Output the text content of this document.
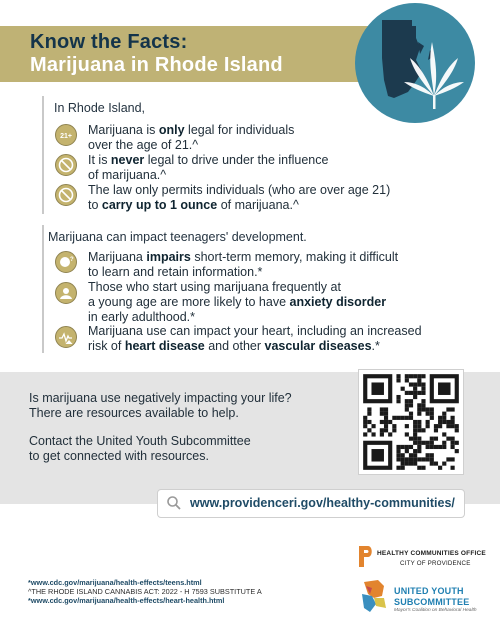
Know the Facts:
Marijuana in Rhode Island
In Rhode Island,
21+ Marijuana is only legal for individuals
over the age of 21.^
It is never legal to drive under the influence
of marijuana.^
The law only permits individuals (who are over age 21)
to carry up to 1 ounce of marijuana.^
Marijuana can impact teenagers' development.
? Marijuana impairs short-term memory, making it difficult
to learn and retain information.*
Those who start using marijuana frequently at
a young age are more likely to have anxiety disorder
in early adulthood.*
Marijuana use can impact your heart, including an increased
risk of heart disease and other vascular diseases.*
Is marijuana use negatively impacting your life?
There are resources available to help.
Contact the United Youth Subcommittee
to get connected with resources.
www.providenceri.gov/healthy-communities/
*www.cdc.gov/marijuana/health-effects/teens.html
^THE RHODE ISLAND CANNABIS ACT: 2022 - H 7593 SUBSTITUTE A
*www.cdc.gov/marijuana/health-effects/heart-health.html
HEALTHY COMMUNITIES OFFICE
CITY OF PROVIDENCE
UNITED YOUTH
SUBCOMMITTEE
Mayor's Coalition on Behavioral Health
